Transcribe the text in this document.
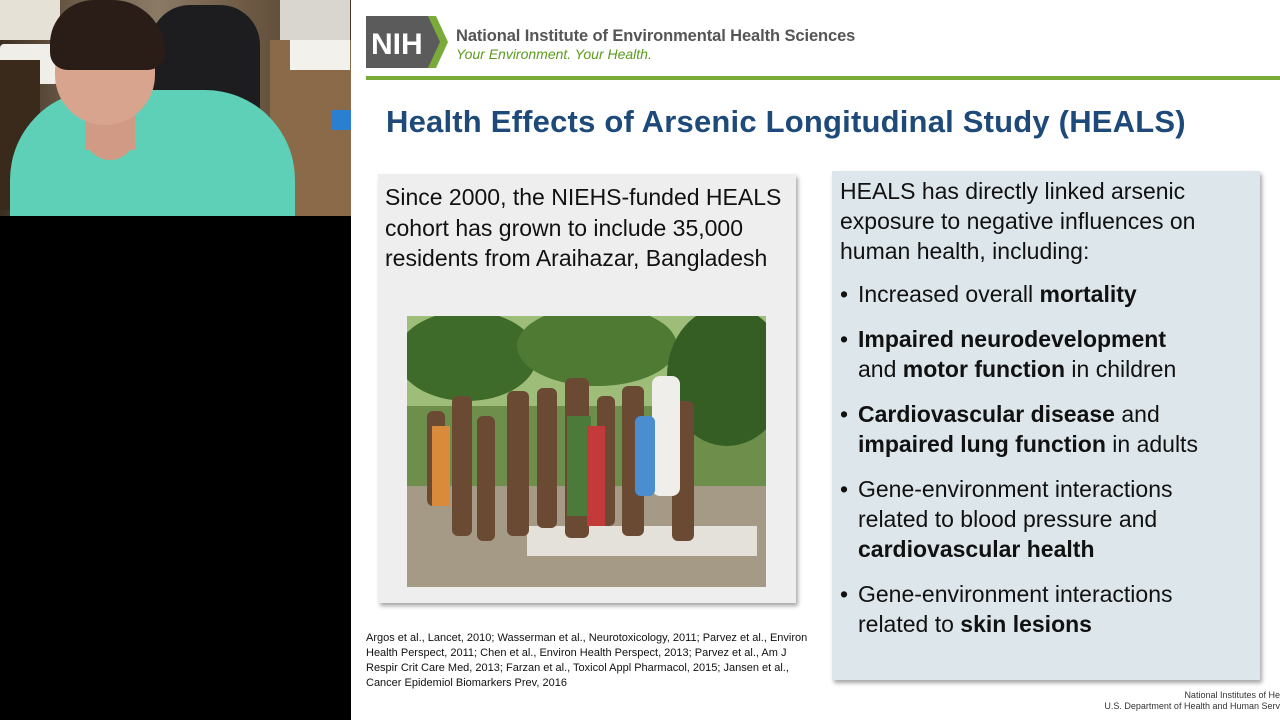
NIH National Institute of Environmental Health Sciences
Your Environment. Your Health.
Health Effects of Arsenic Longitudinal Study (HEALS)
Since 2000, the NIEHS-funded HEALS cohort has grown to include 35,000 residents from Araihazar, Bangladesh
Argos et al., Lancet, 2010; Wasserman et al., Neurotoxicology, 2011; Parvez et al., Environ Health Perspect, 2011; Chen et al., Environ Health Perspect, 2013; Parvez et al., Am J Respir Crit Care Med, 2013; Farzan et al., Toxicol Appl Pharmacol, 2015; Jansen et al., Cancer Epidemiol Biomarkers Prev, 2016
HEALS has directly linked arsenic exposure to negative influences on human health, including:
• Increased overall mortality
• Impaired neurodevelopment
and motor function in children
• Cardiovascular disease and
impaired lung function in adults
• Gene-environment interactions related to blood pressure and cardiovascular health
• Gene-environment interactions related to skin lesions
National Institutes of He
U.S. Department of Health and Human Serv
